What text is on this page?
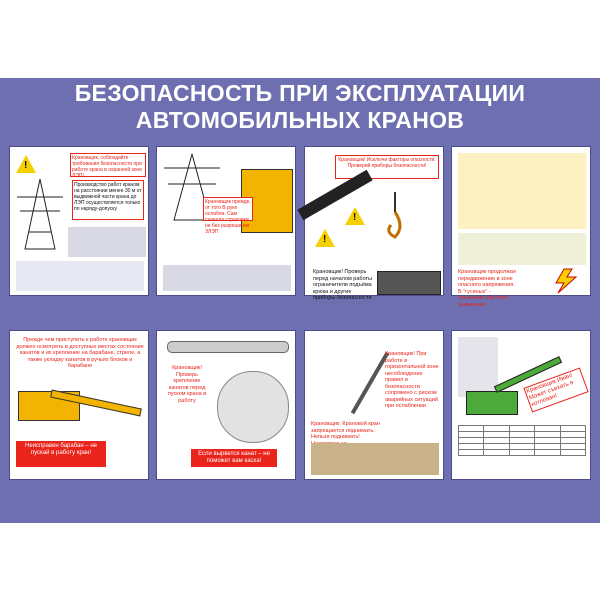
БЕЗОПАСНОСТЬ ПРИ ЭКСПЛУАТАЦИИ
АВТОМОБИЛЬНЫХ КРАНОВ
Крановщик, соблюдайте требования безопасности при работе крана в охранной зоне ЛЭП!
!
Производство работ краном на расстоянии менее 30 м от выдвижной части крана до ЛЭП осуществляется только по наряду-допуску
Крановщик прежде, от того В руке ослабла. Сам сначала страховки не без разрешения ЗЛЭП
Крановщик! Исключи факторы опасности. Проверяй приборы безопасности!
!
!
Крановщик! Проверь перед началом работы ограничители подъёма крюка и другие приборы безопасности
Крановщик продолжая передвижение в зоне опасного напряжения. В "гусиных" - прыжками короткое замыкание
Прежде чем приступить к работе крановщик должен осмотреть в доступных местах состояние канатов и их крепление на барабане, стреле, а также укладку канатов в ручьях блоков и барабане
Неисправен барабан – не пускай в работу кран!
Крановщик! Проверь крепление канатов перед пуском крана в работу
Если вырвется канат – не поможет вам каска!
Крановщик! При работе в горизонтальной зоне несоблюдение правил и безопасности сопряжено с риском аварийных ситуаций при ослаблении
Крановщик: Крановой кран запрещается поднимать. Нельзя поднимать!
Крановщик Иван! Может съехать в котлован!
